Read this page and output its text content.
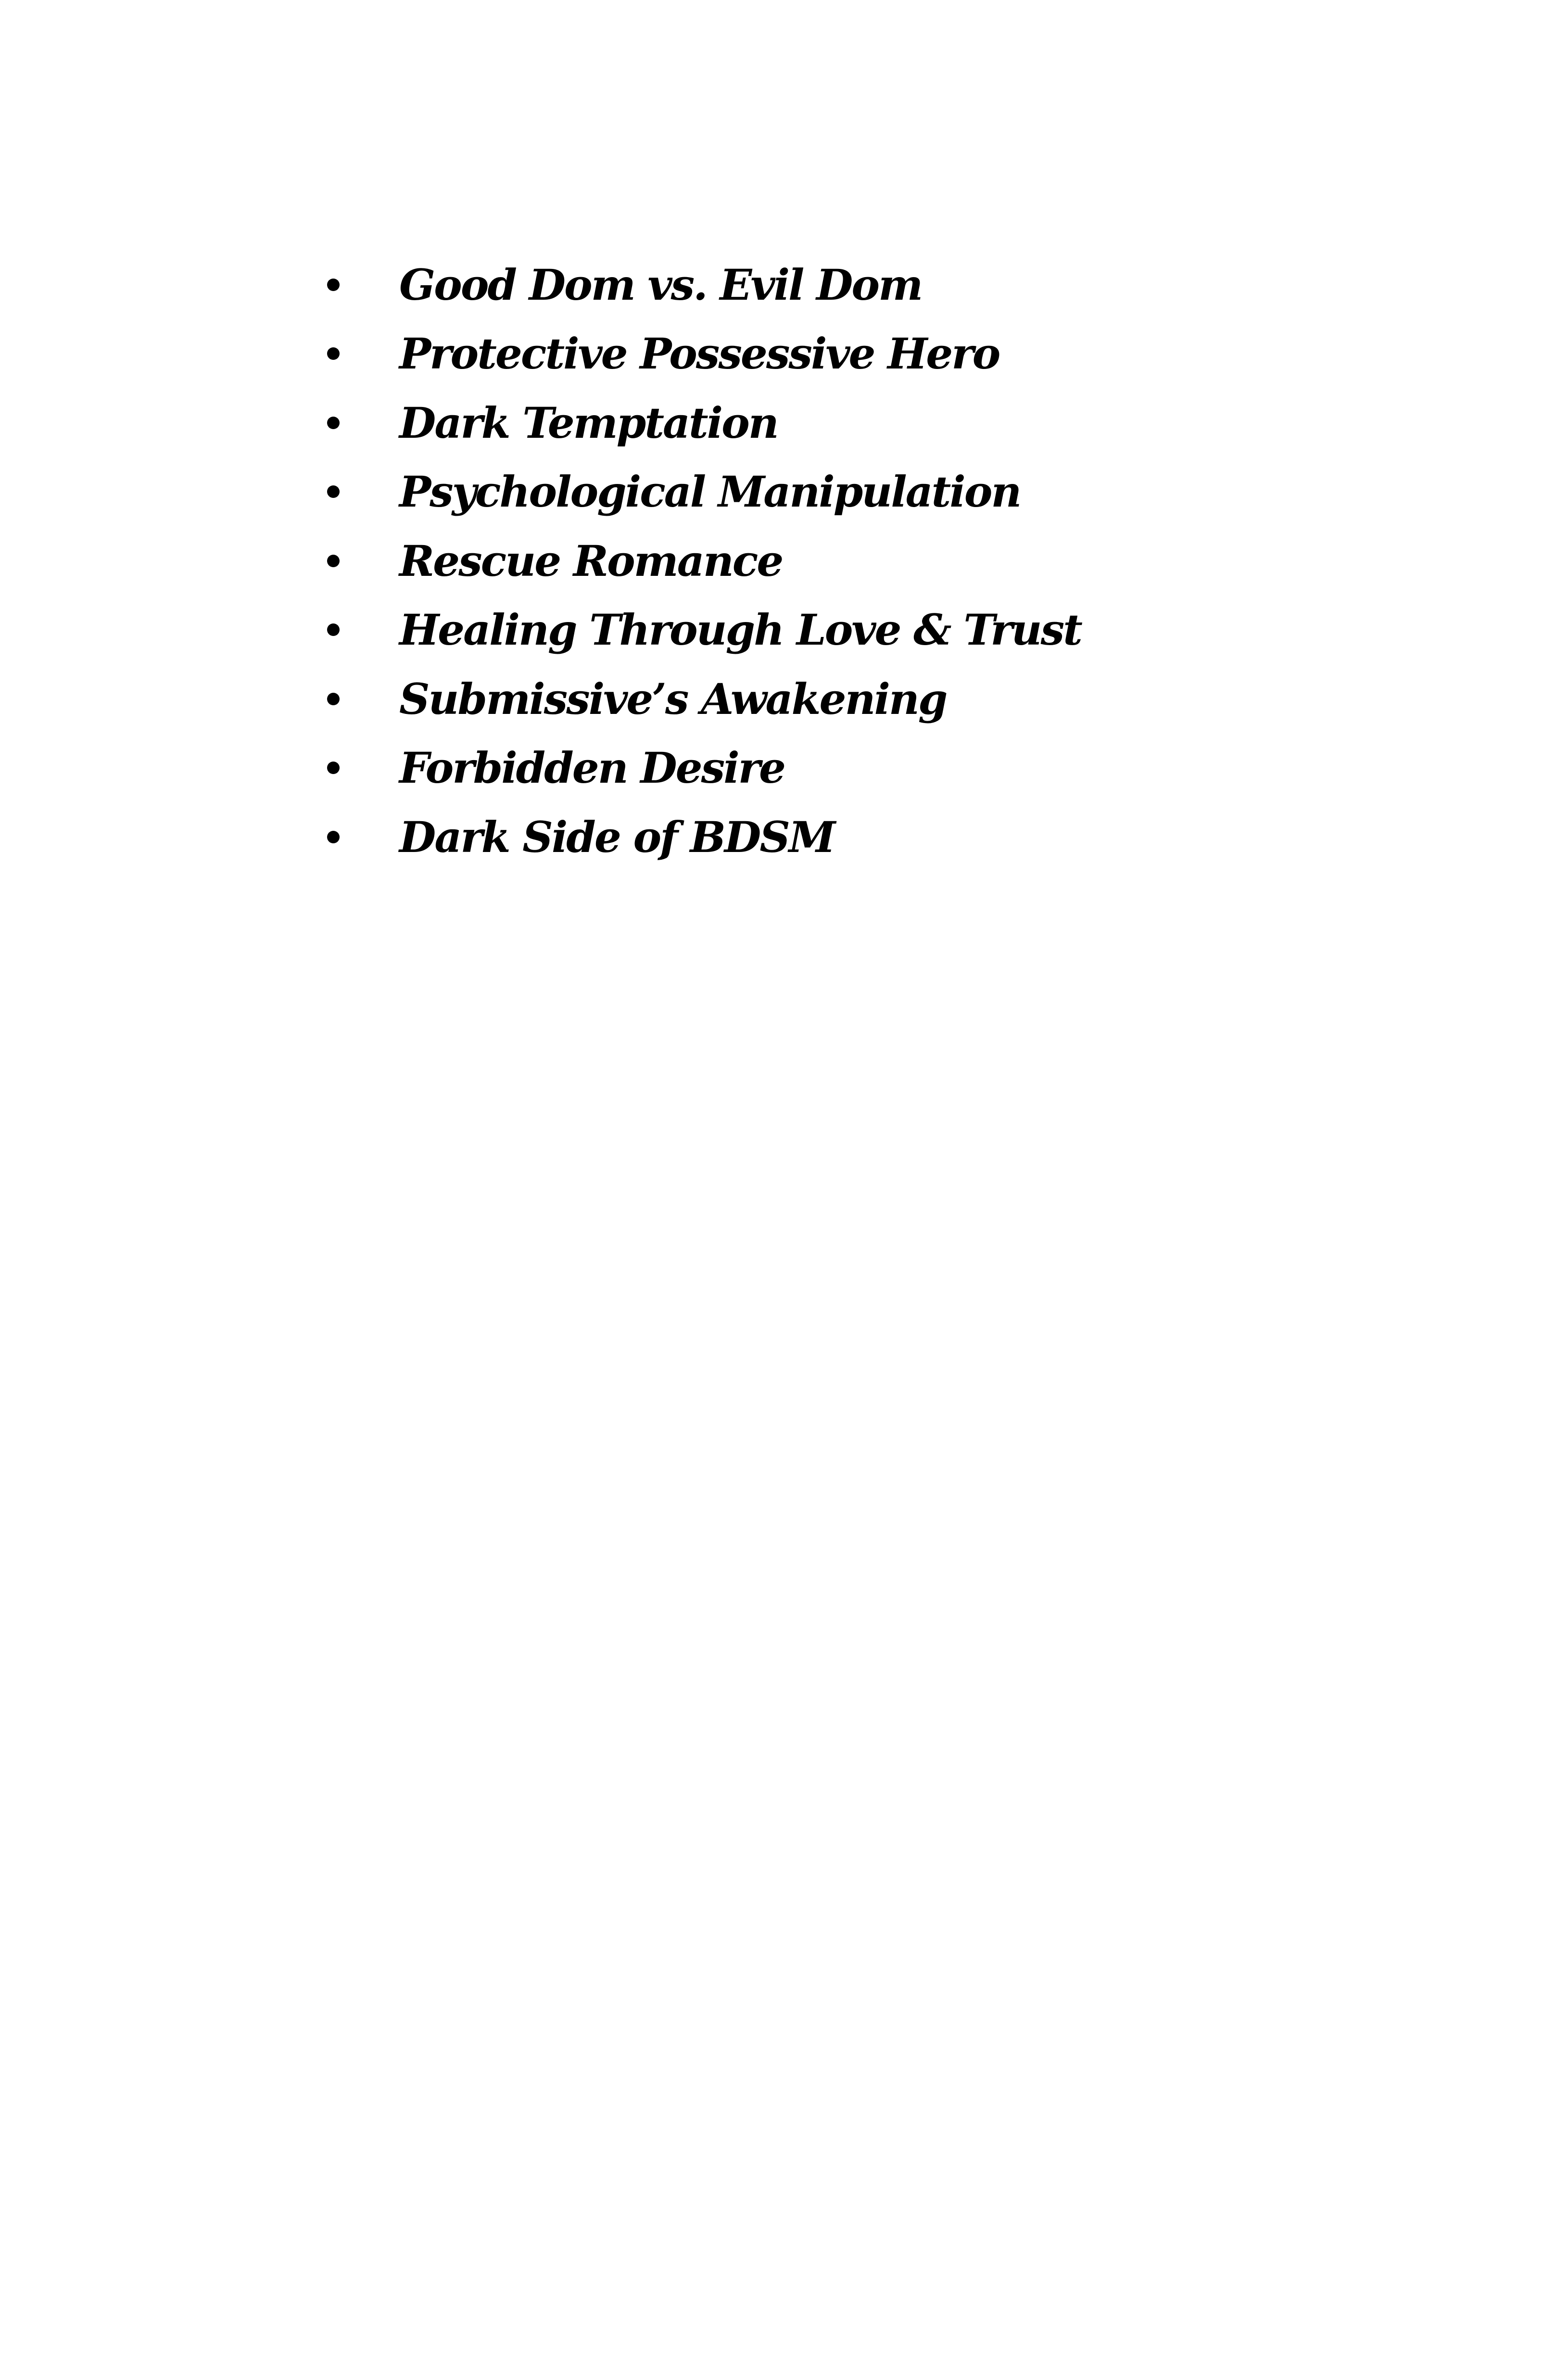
Good Dom vs. Evil Dom
Protective Possessive Hero
Dark Temptation
Psychological Manipulation
Rescue Romance
Healing Through Love & Trust
Submissive’s Awakening
Forbidden Desire
Dark Side of BDSM
